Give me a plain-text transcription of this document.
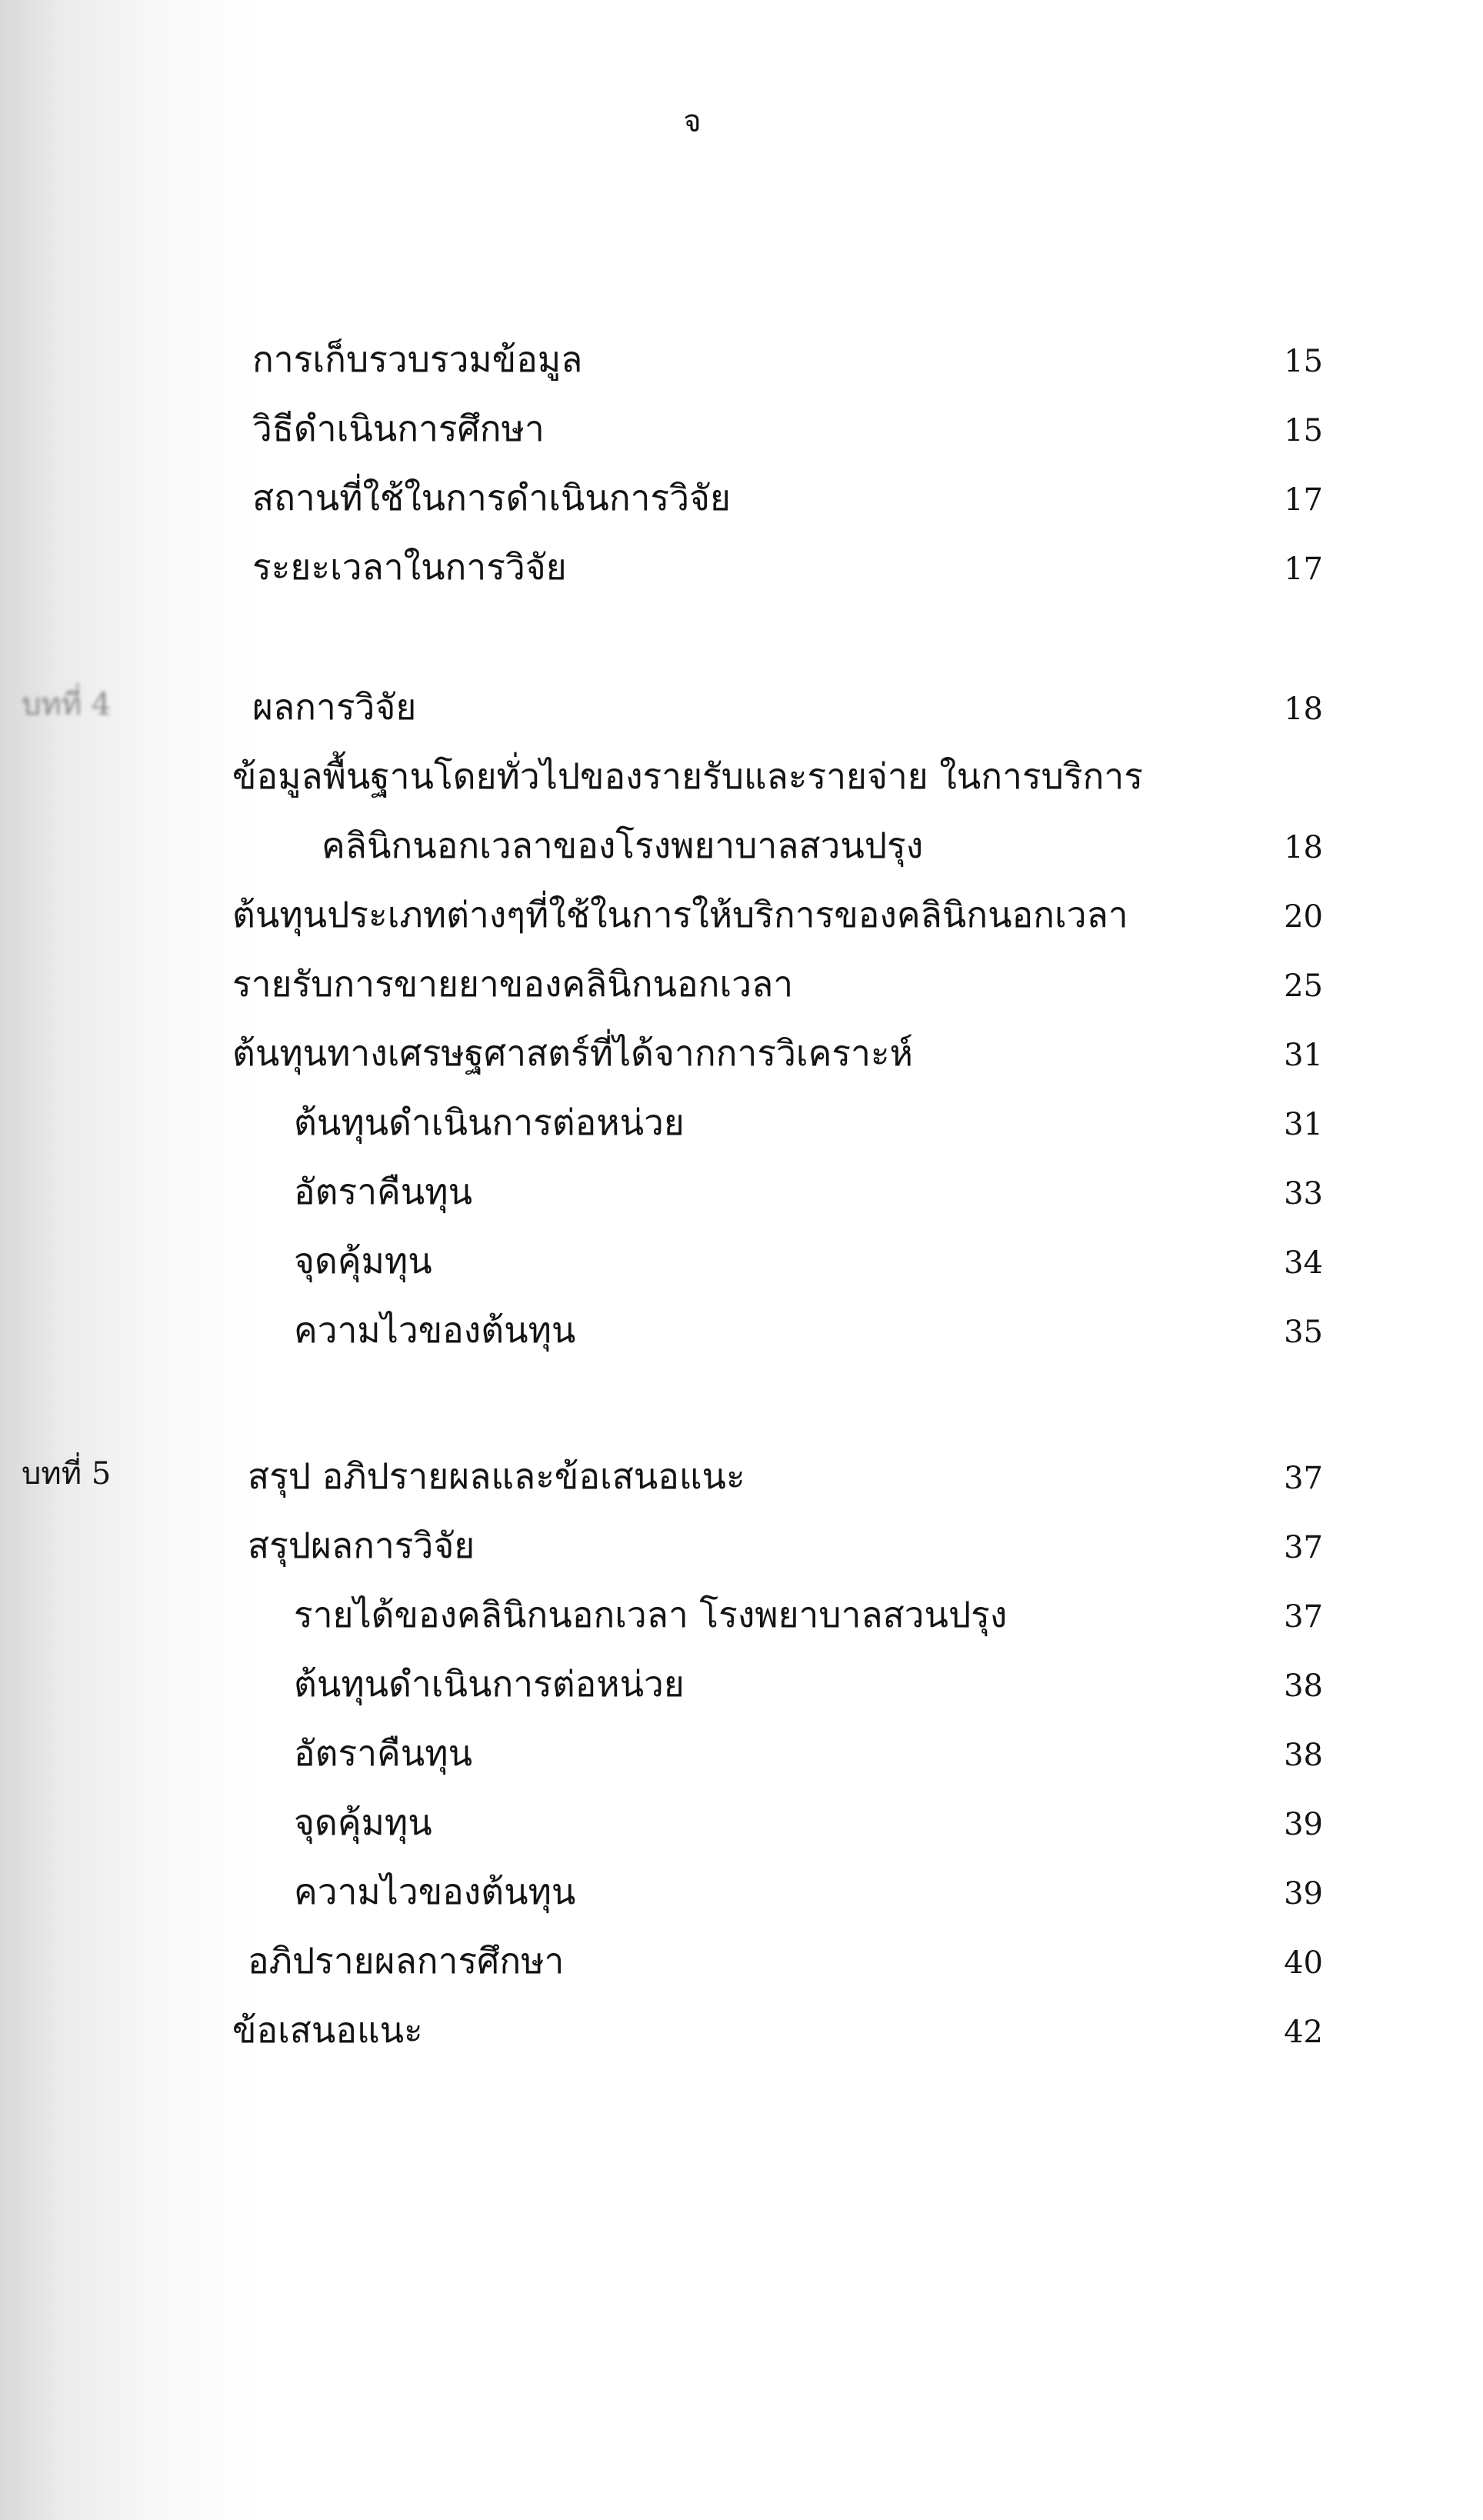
จ
การเก็บรวบรวมข้อมูล	15
วิธีดำเนินการศึกษา	15
สถานที่ใช้ในการดำเนินการวิจัย	17
ระยะเวลาในการวิจัย	17
บทที่ 4	ผลการวิจัย	18
ข้อมูลพื้นฐานโดยทั่วไปของรายรับและรายจ่าย ในการบริการ
คลินิกนอกเวลาของโรงพยาบาลสวนปรุง	18
ต้นทุนประเภทต่างๆที่ใช้ในการให้บริการของคลินิกนอกเวลา	20
รายรับการขายยาของคลินิกนอกเวลา	25
ต้นทุนทางเศรษฐศาสตร์ที่ได้จากการวิเคราะห์	31
ต้นทุนดำเนินการต่อหน่วย	31
อัตราคืนทุน	33
จุดคุ้มทุน	34
ความไวของต้นทุน	35
บทที่ 5	สรุป อภิปรายผลและข้อเสนอแนะ	37
สรุปผลการวิจัย	37
รายได้ของคลินิกนอกเวลา โรงพยาบาลสวนปรุง	37
ต้นทุนดำเนินการต่อหน่วย	38
อัตราคืนทุน	38
จุดคุ้มทุน	39
ความไวของต้นทุน	39
อภิปรายผลการศึกษา	40
ข้อเสนอแนะ	42
